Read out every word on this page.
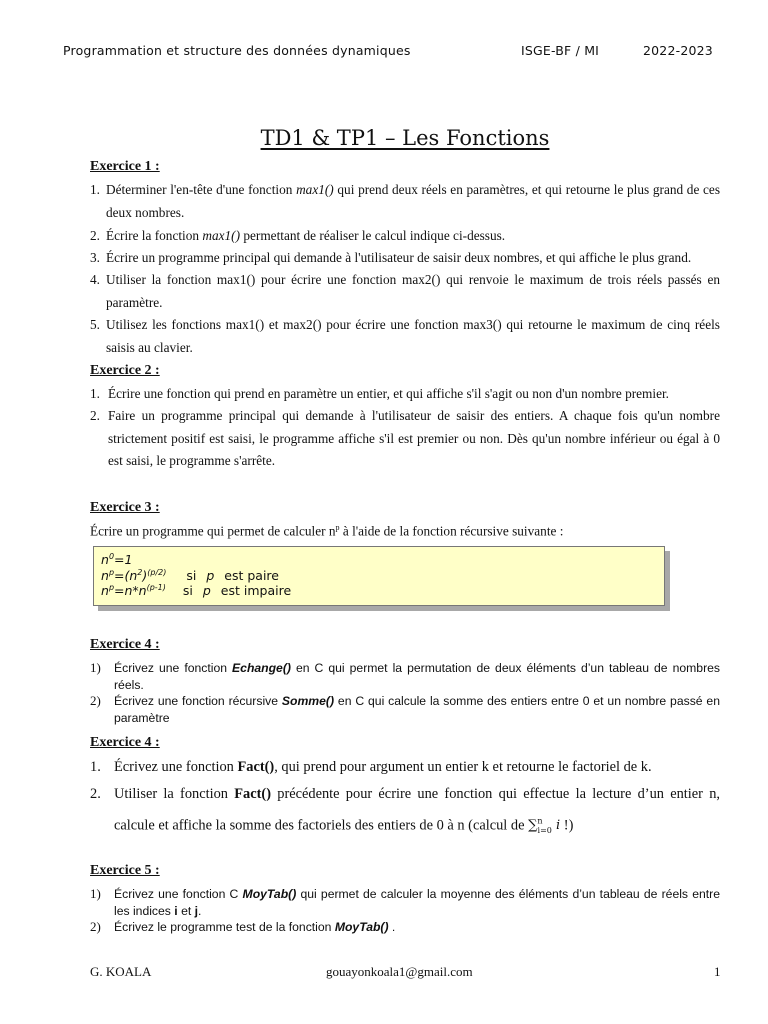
Programmation et structure des données dynamiques	ISGE-BF / MI	2022-2023
TD1 & TP1 – Les Fonctions
Exercice 1 :
1. Déterminer l'en-tête d'une fonction max1() qui prend deux réels en paramètres, et qui retourne le plus grand de ces deux nombres.
2. Écrire la fonction max1() permettant de réaliser le calcul indique ci-dessus.
3. Écrire un programme principal qui demande à l'utilisateur de saisir deux nombres, et qui affiche le plus grand.
4. Utiliser la fonction max1() pour écrire une fonction max2() qui renvoie le maximum de trois réels passés en paramètre.
5. Utilisez les fonctions max1() et max2() pour écrire une fonction max3() qui retourne le maximum de cinq réels saisis au clavier.
Exercice 2 :
1. Écrire une fonction qui prend en paramètre un entier, et qui affiche s'il s'agit ou non d'un nombre premier.
2. Faire un programme principal qui demande à l'utilisateur de saisir des entiers. A chaque fois qu'un nombre strictement positif est saisi, le programme affiche s'il est premier ou non. Dès qu'un nombre inférieur ou égal à 0 est saisi, le programme s'arrête.
Exercice 3 :
Écrire un programme qui permet de calculer $n^p$ à l'aide de la fonction récursive suivante :
$n^0=1$
$n^p=(n^2)^{(p/2)}$ si p est paire
$n^p=n*n^{(p-1)}$ si p est impaire
Exercice 4 :
1)	Écrivez une fonction Echange() en C qui permet la permutation de deux éléments d’un tableau de nombres réels.
2)	Écrivez une fonction récursive Somme() en C qui calcule la somme des entiers entre 0 et un nombre passé en paramètre
Exercice 4 :
1. Écrivez une fonction Fact(), qui prend pour argument un entier k et retourne le factoriel de k.
2. Utiliser la fonction Fact() précédente pour écrire une fonction qui effectue la lecture d’un entier n, calcule et affiche la somme des factoriels des entiers de 0 à n (calcul de ∑$^n_{i=0}$ i !)
Exercice 5 :
1)	Écrivez une fonction C MoyTab() qui permet de calculer la moyenne des éléments d’un tableau de réels entre les indices i et j.
2)	Écrivez le programme test de la fonction MoyTab() .
G. KOALA	gouayonkoala1@gmail.com	1
